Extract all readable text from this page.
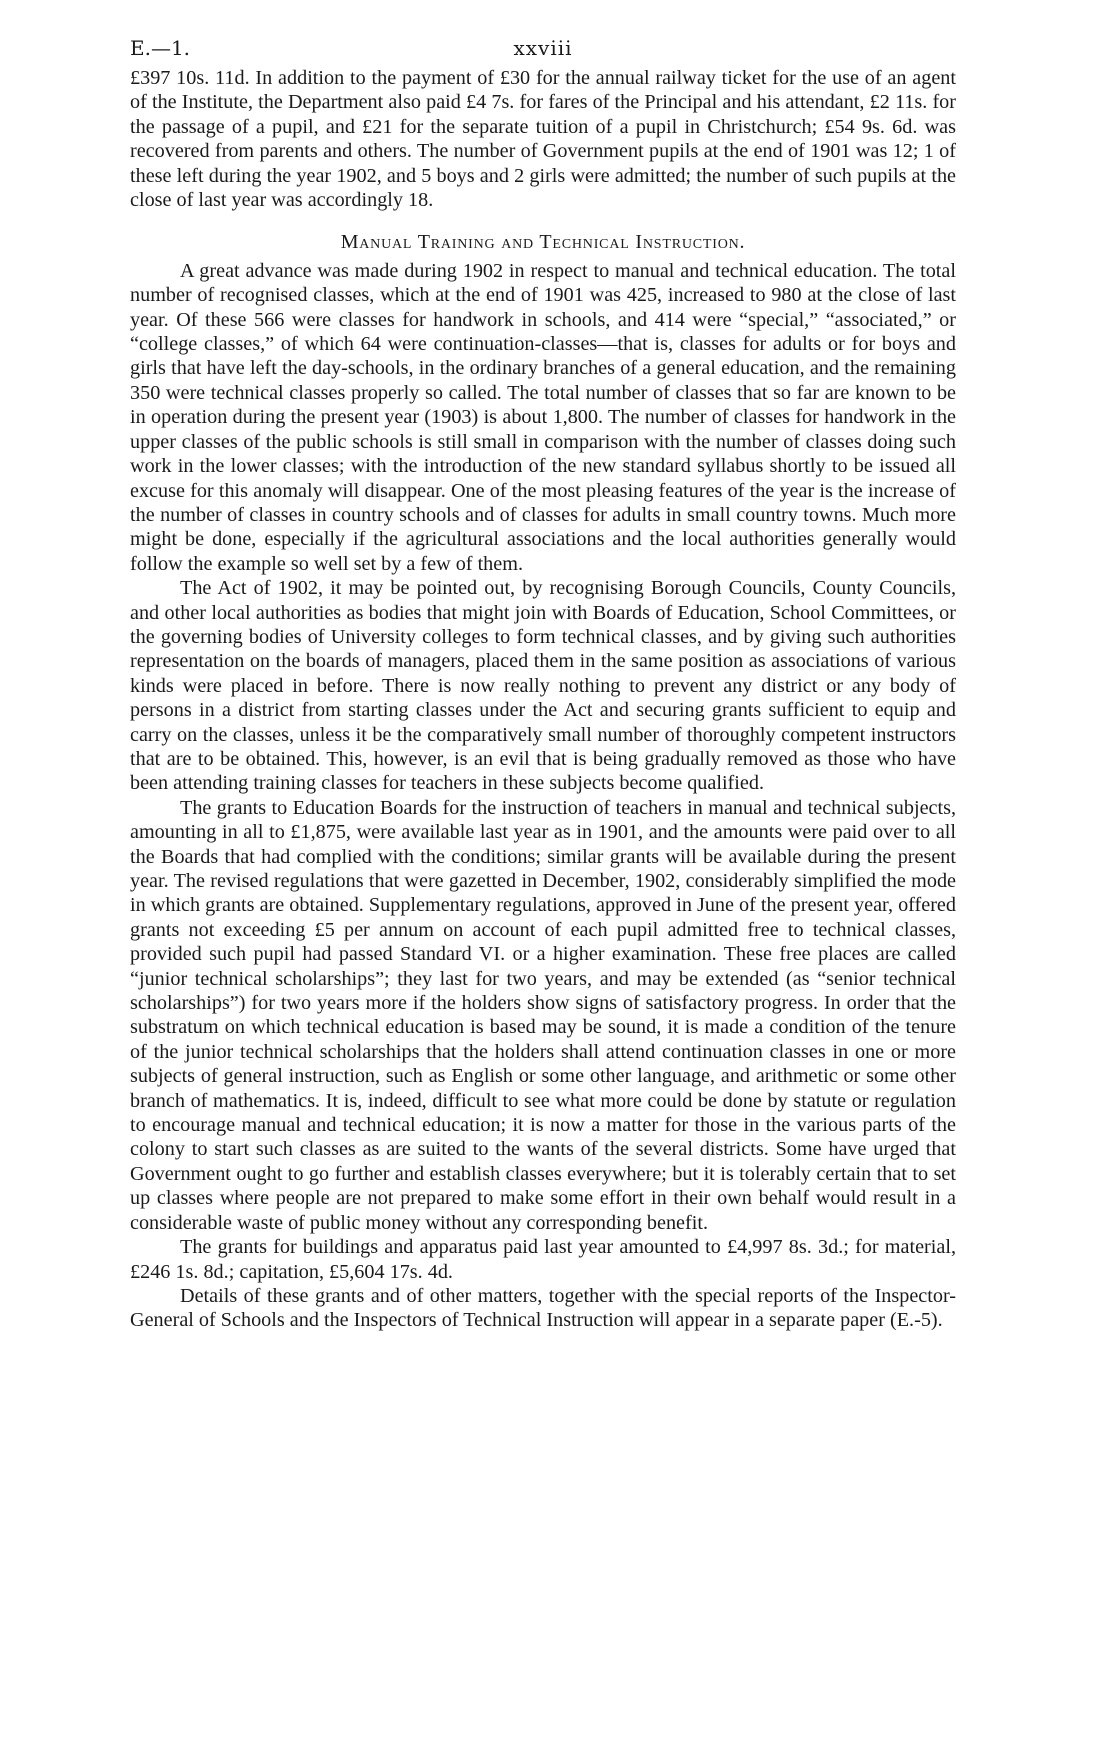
E.—1.	xxviii

£397 10s. 11d. In addition to the payment of £30 for the annual railway ticket for the use of an agent of the Institute, the Department also paid £4 7s. for fares of the Principal and his attendant, £2 11s. for the passage of a pupil, and £21 for the separate tuition of a pupil in Christchurch; £54 9s. 6d. was recovered from parents and others. The number of Government pupils at the end of 1901 was 12; 1 of these left during the year 1902, and 5 boys and 2 girls were admitted; the number of such pupils at the close of last year was accordingly 18.

Manual Training and Technical Instruction.

A great advance was made during 1902 in respect to manual and technical education. The total number of recognised classes, which at the end of 1901 was 425, increased to 980 at the close of last year. Of these 566 were classes for handwork in schools, and 414 were “special,” “associated,” or “college classes,” of which 64 were continuation-classes—that is, classes for adults or for boys and girls that have left the day-schools, in the ordinary branches of a general education, and the remaining 350 were technical classes properly so called. The total number of classes that so far are known to be in operation during the present year (1903) is about 1,800. The number of classes for handwork in the upper classes of the public schools is still small in comparison with the number of classes doing such work in the lower classes; with the introduction of the new standard syllabus shortly to be issued all excuse for this anomaly will disappear. One of the most pleasing features of the year is the increase of the number of classes in country schools and of classes for adults in small country towns. Much more might be done, especially if the agricultural associations and the local authorities generally would follow the example so well set by a few of them.

The Act of 1902, it may be pointed out, by recognising Borough Councils, County Councils, and other local authorities as bodies that might join with Boards of Education, School Committees, or the governing bodies of University colleges to form technical classes, and by giving such authorities representation on the boards of managers, placed them in the same position as associations of various kinds were placed in before. There is now really nothing to prevent any district or any body of persons in a district from starting classes under the Act and securing grants sufficient to equip and carry on the classes, unless it be the comparatively small number of thoroughly competent instructors that are to be obtained. This, however, is an evil that is being gradually removed as those who have been attending training classes for teachers in these subjects become qualified.

The grants to Education Boards for the instruction of teachers in manual and technical subjects, amounting in all to £1,875, were available last year as in 1901, and the amounts were paid over to all the Boards that had complied with the conditions; similar grants will be available during the present year. The revised regulations that were gazetted in December, 1902, considerably simplified the mode in which grants are obtained. Supplementary regulations, approved in June of the present year, offered grants not exceeding £5 per annum on account of each pupil admitted free to technical classes, provided such pupil had passed Standard VI. or a higher examination. These free places are called “junior technical scholarships”; they last for two years, and may be extended (as “senior technical scholarships”) for two years more if the holders show signs of satisfactory progress. In order that the substratum on which technical education is based may be sound, it is made a condition of the tenure of the junior technical scholarships that the holders shall attend continuation classes in one or more subjects of general instruction, such as English or some other language, and arithmetic or some other branch of mathematics. It is, indeed, difficult to see what more could be done by statute or regulation to encourage manual and technical education; it is now a matter for those in the various parts of the colony to start such classes as are suited to the wants of the several districts. Some have urged that Government ought to go further and establish classes everywhere; but it is tolerably certain that to set up classes where people are not prepared to make some effort in their own behalf would result in a considerable waste of public money without any corresponding benefit.

The grants for buildings and apparatus paid last year amounted to £4,997 8s. 3d.; for material, £246 1s. 8d.; capitation, £5,604 17s. 4d.

Details of these grants and of other matters, together with the special reports of the Inspector-General of Schools and the Inspectors of Technical Instruction will appear in a separate paper (E.-5).
